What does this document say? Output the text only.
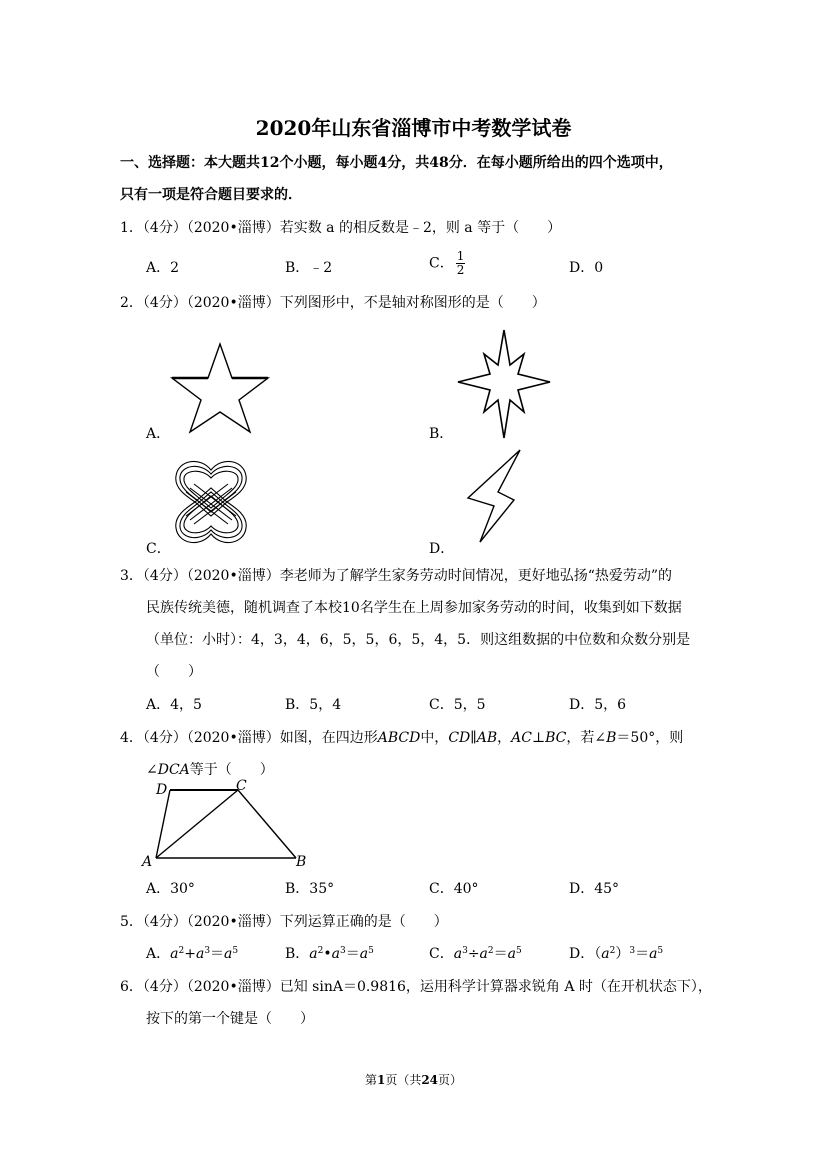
2020年山东省淄博市中考数学试卷
一、选择题：本大题共12个小题，每小题4分，共48分．在每小题所给出的四个选项中，
只有一项是符合题目要求的．
1．（4分）（2020•淄博）若实数 a 的相反数是﹣2，则 a 等于（　　）
A．2	B．﹣2	C． $\frac{1}{2}$	D．0
2．（4分）（2020•淄博）下列图形中，不是轴对称图形的是（　　）
A．	B．
C．	D．
3．（4分）（2020•淄博）李老师为了解学生家务劳动时间情况，更好地弘扬“热爱劳动”的
民族传统美德，随机调查了本校10名学生在上周参加家务劳动的时间，收集到如下数据
（单位：小时）：4，3，4，6，5，5，6，5，4，5．则这组数据的中位数和众数分别是
（　　）
A．4，5	B．5，4	C．5，5	D．5，6
4．（4分）（2020•淄博）如图，在四边形ABCD中，CD∥AB，AC⊥BC，若∠B＝50°，则
∠DCA等于（　　）
D	C
A	B
A．30°	B．35°	C．40°	D．45°
5．（4分）（2020•淄博）下列运算正确的是（　　）
A．$a^2+a^3=a^5$	B．$a^2•a^3=a^5$	C．$a^3\div a^2=a^5$	D．$(a^2)^3=a^5$
6．（4分）（2020•淄博）已知 sinA＝0.9816，运用科学计算器求锐角 A 时（在开机状态下），
按下的第一个键是（　　）
第1页（共24页）
